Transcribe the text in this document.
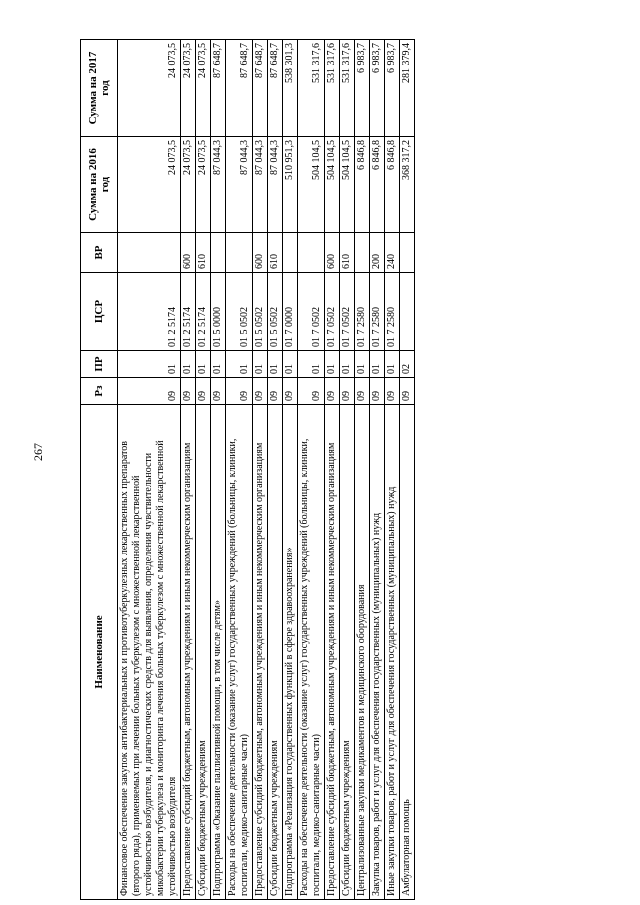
267
Наименование	Рз	ПР	ЦСР	ВР	Сумма на 2016 год	Сумма на 2017 год
Финансовое обеспечение закупок антибактериальных и противотуберкулезных лекарственных препаратов (второго ряда), применяемых при лечении больных туберкулезом с множественной лекарственной устойчивостью возбудителя, и диагностических средств для выявления, определения чувствительности микобактерии туберкулеза и мониторинга лечения больных туберкулезом с множественной лекарственной устойчивостью возбудителя	09	01	01 2 5174		24 073,5	24 073,5
Предоставление субсидий бюджетным, автономным учреждениям и иным некоммерческим организациям	09	01	01 2 5174	600	24 073,5	24 073,5
Субсидии бюджетным учреждениям	09	01	01 2 5174	610	24 073,5	24 073,5
Подпрограмма «Оказание паллиативной помощи, в том числе детям»	09	01	01 5 0000		87 044,3	87 648,7
Расходы на обеспечение деятельности (оказание услуг) государственных учреждений (больницы, клиники, госпитали, медико-санитарные части)	09	01	01 5 0502		87 044,3	87 648,7
Предоставление субсидий бюджетным, автономным учреждениям и иным некоммерческим организациям	09	01	01 5 0502	600	87 044,3	87 648,7
Субсидии бюджетным учреждениям	09	01	01 5 0502	610	87 044,3	87 648,7
Подпрограмма «Реализация государственных функций в сфере здравоохранения»	09	01	01 7 0000		510 951,3	538 301,3
Расходы на обеспечение деятельности (оказание услуг) государственных учреждений (больницы, клиники, госпитали, медико-санитарные части)	09	01	01 7 0502		504 104,5	531 317,6
Предоставление субсидий бюджетным, автономным учреждениям и иным некоммерческим организациям	09	01	01 7 0502	600	504 104,5	531 317,6
Субсидии бюджетным учреждениям	09	01	01 7 0502	610	504 104,5	531 317,6
Централизованные закупки медикаментов и медицинского оборудования	09	01	01 7 2580		6 846,8	6 983,7
Закупка товаров, работ и услуг для обеспечения государственных (муниципальных) нужд	09	01	01 7 2580	200	6 846,8	6 983,7
Иные закупки товаров, работ и услуг для обеспечения государственных (муниципальных) нужд	09	01	01 7 2580	240	6 846,8	6 983,7
Амбулаторная помощь	09	02			368 317,2	281 379,4
